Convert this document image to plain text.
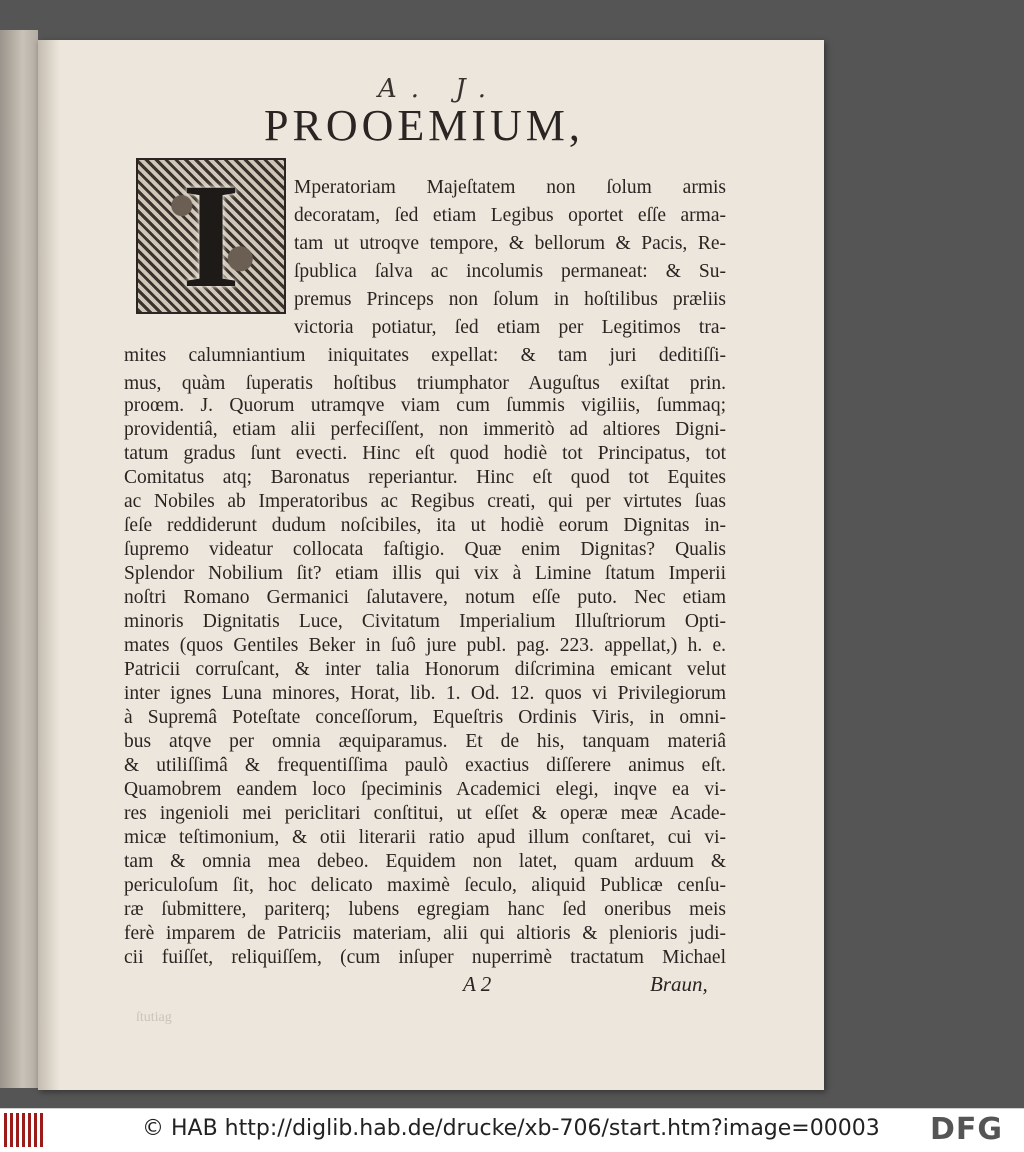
A. J.
PROOEMIUM,
I	Mperatoriam Majeſtatem non ſolum armis
decoratam, ſed etiam Legibus oportet eſſe arma-
tam ut utroqve tempore, & bellorum & Pacis, Re-
ſpublica ſalva ac incolumis permaneat: & Su-
premus Princeps non ſolum in hoſtilibus præliis
victoria potiatur, ſed etiam per Legitimos tra-
mites calumniantium iniquitates expellat: & tam juri deditiſſi-
mus, quàm ſuperatis hoſtibus triumphator Auguſtus exiſtat prin.
proœm. J. Quorum utramqve viam cum ſummis vigiliis, ſummaq;
providentiâ, etiam alii perfeciſſent, non immeritò ad altiores Digni-
tatum gradus ſunt evecti. Hinc eſt quod hodiè tot Principatus, tot
Comitatus atq; Baronatus reperiantur. Hinc eſt quod tot Equites
ac Nobiles ab Imperatoribus ac Regibus creati, qui per virtutes ſuas
ſeſe reddiderunt dudum noſcibiles, ita ut hodiè eorum Dignitas in-
ſupremo videatur collocata faſtigio. Quæ enim Dignitas? Qualis
Splendor Nobilium ſit? etiam illis qui vix à Limine ſtatum Imperii
noſtri Romano Germanici ſalutavere, notum eſſe puto. Nec etiam
minoris Dignitatis Luce, Civitatum Imperialium Illuſtriorum Opti-
mates (quos Gentiles Beker in ſuô jure publ. pag. 223. appellat,) h. e.
Patricii corruſcant, & inter talia Honorum diſcrimina emicant velut
inter ignes Luna minores, Horat, lib. 1. Od. 12. quos vi Privilegiorum
à Supremâ Poteſtate conceſſorum, Equeſtris Ordinis Viris, in omni-
bus atqve per omnia æquiparamus. Et de his, tanquam materiâ
& utiliſſimâ & frequentiſſima paulò exactius diſſerere animus eſt.
Quamobrem eandem loco ſpeciminis Academici elegi, inqve ea vi-
res ingenioli mei periclitari conſtitui, ut eſſet & operæ meæ Acade-
micæ teſtimonium, & otii literarii ratio apud illum conſtaret, cui vi-
tam & omnia mea debeo. Equidem non latet, quam arduum &
periculoſum ſit, hoc delicato maximè ſeculo, aliquid Publicæ cenſu-
ræ ſubmittere, pariterq; lubens egregiam hanc ſed oneribus meis
ferè imparem de Patriciis materiam, alii qui altioris & plenioris judi-
cii fuiſſet, reliquiſſem, (cum inſuper nuperrimè tractatum Michael
A 2	Braun,
ſtutiag
© HAB http://diglib.hab.de/drucke/xb-706/start.htm?image=00003 DFG
